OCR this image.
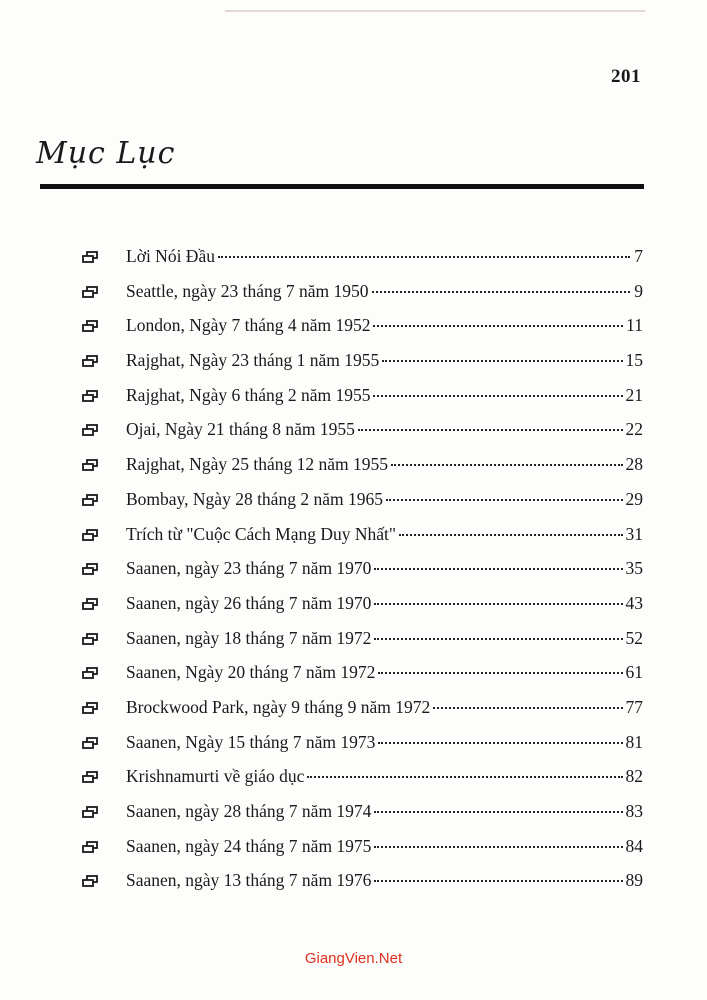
201
Mục Lục
Lời Nói Đầu	7
Seattle, ngày 23 tháng 7 năm 1950	9
London, Ngày 7 tháng 4 năm 1952	11
Rajghat, Ngày 23 tháng 1 năm 1955	15
Rajghat, Ngày 6 tháng 2 năm 1955	21
Ojai, Ngày 21 tháng 8 năm 1955	22
Rajghat, Ngày 25 tháng 12 năm 1955	28
Bombay, Ngày 28 tháng 2 năm 1965	29
Trích từ "Cuộc Cách Mạng Duy Nhất"	31
Saanen, ngày 23 tháng 7 năm 1970	35
Saanen, ngày 26 tháng 7 năm 1970	43
Saanen, ngày 18 tháng 7 năm 1972	52
Saanen, Ngày 20 tháng 7 năm 1972	61
Brockwood Park, ngày 9 tháng 9 năm 1972	77
Saanen, Ngày 15 tháng 7 năm 1973	81
Krishnamurti về giáo dục	82
Saanen, ngày 28 tháng 7 năm 1974	83
Saanen, ngày 24 tháng 7 năm 1975	84
Saanen, ngày 13 tháng 7 năm 1976	89
GiangVien.Net
